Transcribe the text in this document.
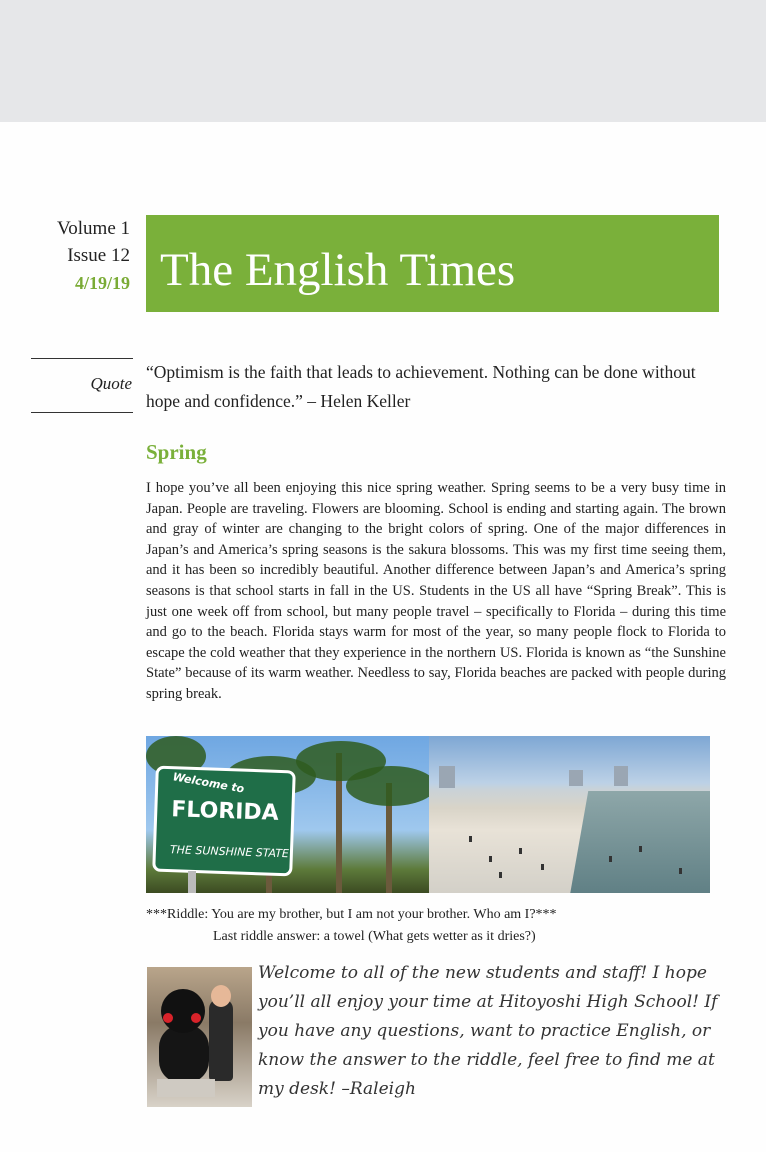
Volume 1
Issue 12
4/19/19 The English Times
Quote
“Optimism is the faith that leads to achievement. Nothing can be done without hope and confidence.” – Helen Keller
Spring
I hope you’ve all been enjoying this nice spring weather. Spring seems to be a very busy time in Japan. People are traveling. Flowers are blooming. School is ending and starting again. The brown and gray of winter are changing to the bright colors of spring. One of the major differences in Japan’s and America’s spring seasons is the sakura blossoms. This was my first time seeing them, and it has been so incredibly beautiful. Another difference between Japan’s and America’s spring seasons is that school starts in fall in the US. Students in the US all have “Spring Break”. This is just one week off from school, but many people travel – specifically to Florida – during this time and go to the beach. Florida stays warm for most of the year, so many people flock to Florida to escape the cold weather that they experience in the northern US. Florida is known as “the Sunshine State” because of its warm weather. Needless to say, Florida beaches are packed with people during spring break.
Welcome to
FLORIDA
THE SUNSHINE STATE
***Riddle: You are my brother, but I am not your brother. Who am I?***
Last riddle answer: a towel (What gets wetter as it dries?)
Welcome to all of the new students and staff! I hope you’ll all enjoy your time at Hitoyoshi High School! If you have any questions, want to practice English, or know the answer to the riddle, feel free to find me at my desk! –Raleigh
